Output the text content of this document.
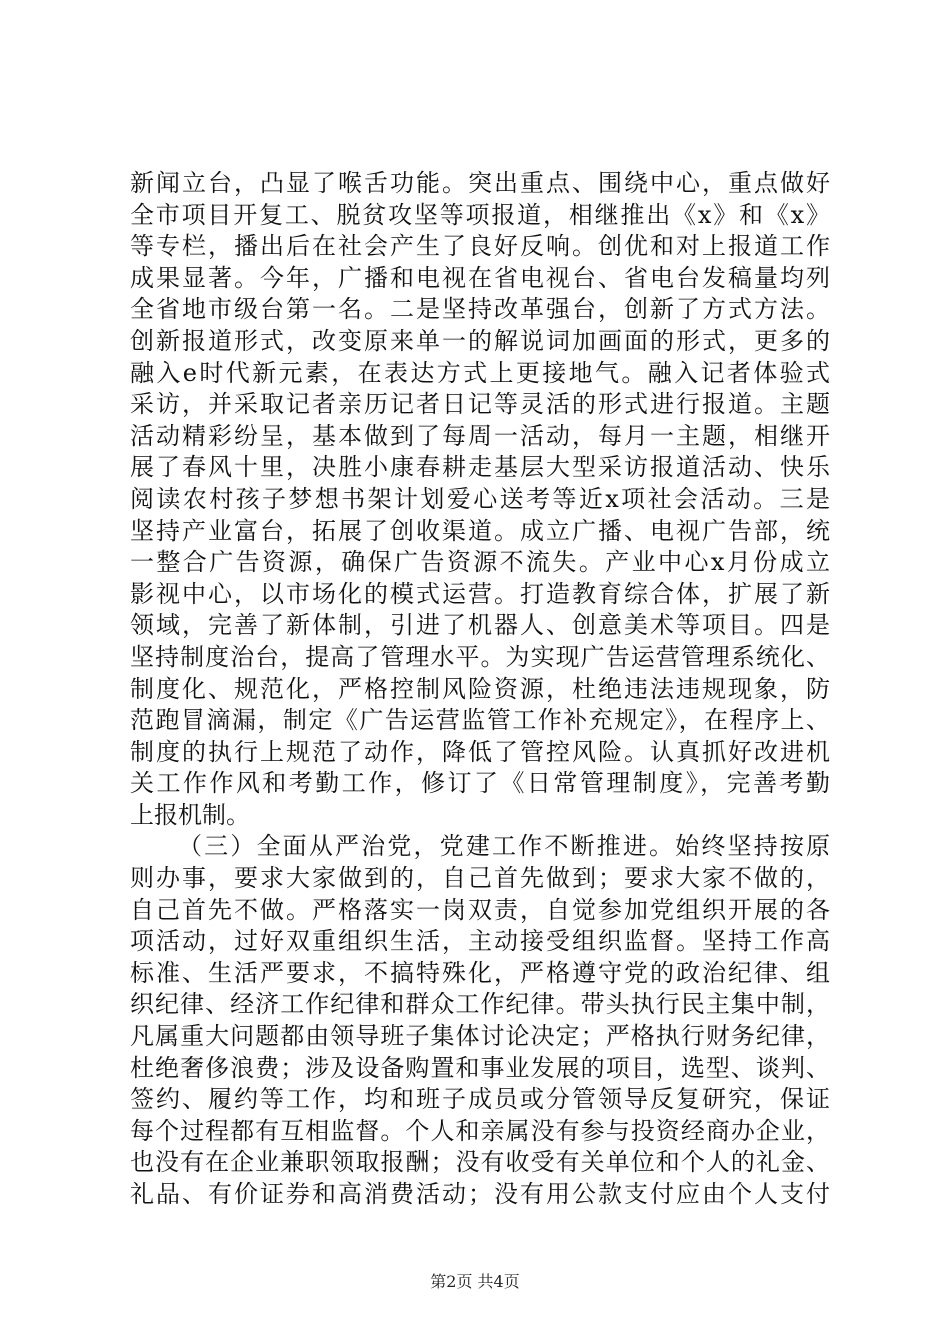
新闻立台，凸显了喉舌功能。突出重点、围绕中心，重点做好
全市项目开复工、脱贫攻坚等项报道，相继推出《x》和《x》
等专栏，播出后在社会产生了良好反响。创优和对上报道工作
成果显著。今年，广播和电视在省电视台、省电台发稿量均列
全省地市级台第一名。二是坚持改革强台，创新了方式方法。
创新报道形式，改变原来单一的解说词加画面的形式，更多的
融入e时代新元素，在表达方式上更接地气。融入记者体验式
采访，并采取记者亲历记者日记等灵活的形式进行报道。主题
活动精彩纷呈，基本做到了每周一活动，每月一主题，相继开
展了春风十里，决胜小康春耕走基层大型采访报道活动、快乐
阅读农村孩子梦想书架计划爱心送考等近x项社会活动。三是
坚持产业富台，拓展了创收渠道。成立广播、电视广告部，统
一整合广告资源，确保广告资源不流失。产业中心x月份成立
影视中心，以市场化的模式运营。打造教育综合体，扩展了新
领域，完善了新体制，引进了机器人、创意美术等项目。四是
坚持制度治台，提高了管理水平。为实现广告运营管理系统化、
制度化、规范化，严格控制风险资源，杜绝违法违规现象，防
范跑冒滴漏，制定《广告运营监管工作补充规定》，在程序上、
制度的执行上规范了动作，降低了管控风险。认真抓好改进机
关工作作风和考勤工作，修订了《日常管理制度》，完善考勤
上报机制。
（三）全面从严治党，党建工作不断推进。始终坚持按原
则办事，要求大家做到的，自己首先做到；要求大家不做的，
自己首先不做。严格落实一岗双责，自觉参加党组织开展的各
项活动，过好双重组织生活，主动接受组织监督。坚持工作高
标准、生活严要求，不搞特殊化，严格遵守党的政治纪律、组
织纪律、经济工作纪律和群众工作纪律。带头执行民主集中制，
凡属重大问题都由领导班子集体讨论决定；严格执行财务纪律，
杜绝奢侈浪费；涉及设备购置和事业发展的项目，选型、谈判、
签约、履约等工作，均和班子成员或分管领导反复研究，保证
每个过程都有互相监督。个人和亲属没有参与投资经商办企业，
也没有在企业兼职领取报酬；没有收受有关单位和个人的礼金、
礼品、有价证券和高消费活动；没有用公款支付应由个人支付
第2页 共4页
